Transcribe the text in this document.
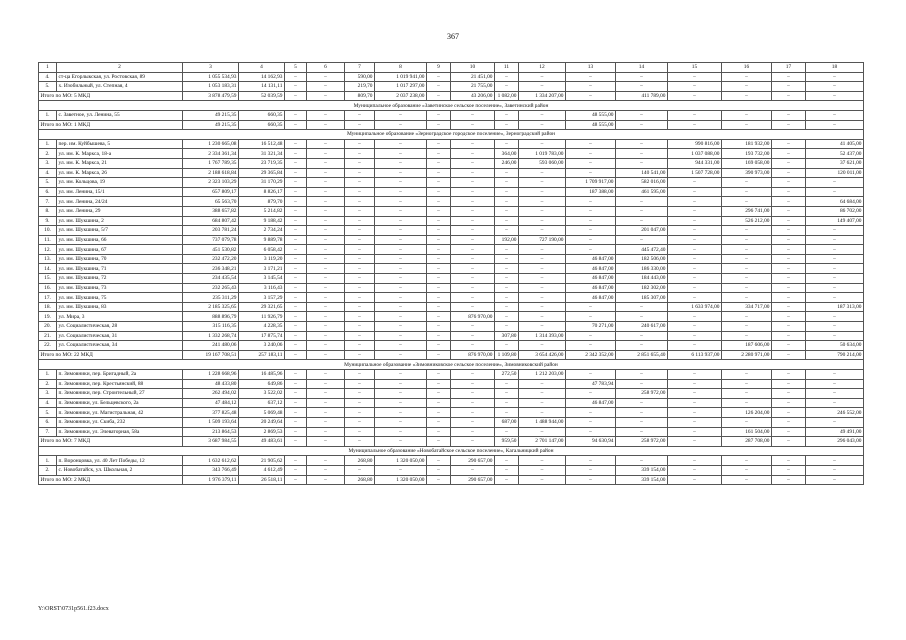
367
1	2	3	4	5	6	7	8	9	10	11	12	13	14	15	16	17	18
4.	ст-ца Егорлыкская, ул. Ростовская, 89	1 055 534,93	14 162,93	–	–	590,00	1 019 941,00	–	21 451,00	–	–	–	–	–	–	–	–
5.	х. Изобильный, ул. Степная, 4	1 053 183,31	14 131,11	–	–	219,70	1 017 297,00	–	21 755,00	–	–	–	–	–	–	–	–
Итого по МО: 5 МКД		3 878 479,59	52 039,59	–	–	809,70	2 037 238,00	–	43 206,00	1 082,00	1 334 207,00	–	411 789,00	–	–	–	–
Муниципальное образование «Заветинское сельское поселение», Заветинский район																	
1.	с. Заветное, ул. Ленина, 55	49 215,35	660,35	–	–	–	–	–	–	–	–	48 555,00	–	–	–	–	–
Итого по МО: 1 МКД		49 215,35	660,35	–	–	–	–	–	–	–	–	48 555,00	–	–	–	–	–
Муниципальное образование «Зерноградское городское поселение», Зерноградский район																	
1.	пер. им. Куйбышева, 5	1 230 665,08	16 512,48	–	–	–	–	–	–	–	–	–	–	990 816,00	181 932,00	–	41 405,00
2.	ул. им. К. Маркса, 18-а	2 334 361,34	31 321,34	–	–	–	–	–	–	364,00	1 019 783,00	–	–	1 037 088,00	193 732,00	–	52 437,00
3.	ул. им. К. Маркса, 21	1 767 789,35	23 719,35	–	–	–	–	–	–	246,00	593 060,00	–	–	944 331,00	169 058,00	–	37 621,00
4.	ул. им. К. Маркса, 26	2 188 618,84	29 365,84	–	–	–	–	–	–	–	–	–	140 541,00	1 507 728,00	390 973,00	–	120 011,00
5.	ул. им. Кольцова, 19	2 323 103,29	31 170,29	–	–	–	–	–	–	–	–	1 709 917,00	582 016,00	–	–	–	–
6.	ул. им. Ленина, 15/1	657 809,17	8 826,17	–	–	–	–	–	–	–	–	187 388,00	461 595,00	–	–	–	–
7.	ул. им. Ленина, 24/24	65 563,70	879,70	–	–	–	–	–	–	–	–	–	–	–	–	–	64 684,00
8.	ул. им. Ленина, 29	388 657,82	5 214,82	–	–	–	–	–	–	–	–	–	–	–	296 741,00	–	86 702,00
9.	ул. им. Шукшина, 2	684 807,42	9 188,42	–	–	–	–	–	–	–	–	–	–	–	526 212,00	–	149 407,00
10.	ул. им. Шукшина, 5/7	203 781,24	2 734,24	–	–	–	–	–	–	–	–	–	201 047,00	–	–	–	–
11.	ул. им. Шукшина, 66	737 079,78	9 889,78	–	–	–	–	–	–	192,00	727 190,00	–	–	–	–	–	–
12.	ул. им. Шукшина, 67	451 530,82	6 058,42	–	–	–	–	–	–	–	–	–	445 472,40	–	–	–	–
13.	ул. им. Шукшина, 70	232 472,20	3 119,20	–	–	–	–	–	–	–	–	46 847,00	182 506,00	–	–	–	–
14.	ул. им. Шукшина, 71	236 348,21	3 171,21	–	–	–	–	–	–	–	–	46 847,00	186 330,00	–	–	–	–
15.	ул. им. Шукшина, 72	234 435,54	3 145,54	–	–	–	–	–	–	–	–	46 847,00	184 443,00	–	–	–	–
16.	ул. им. Шукшина, 73	232 265,43	3 116,43	–	–	–	–	–	–	–	–	46 847,00	182 302,00	–	–	–	–
17.	ул. им. Шукшина, 75	235 311,29	3 157,29	–	–	–	–	–	–	–	–	46 847,00	185 307,00	–	–	–	–
18.	ул. им. Шукшина, 83	2 185 325,65	29 321,65	–	–	–	–	–	–	–	–	–	–	1 633 974,00	334 717,00	–	187 313,00
19.	ул. Мира, 3	888 896,79	11 926,79	–	–	–	–	–	876 970,00	–	–	–	–	–	–	–	–
20.	ул. Социалистическая, 28	315 116,35	4 228,35	–	–	–	–	–	–	–	–	70 271,00	240 617,00	–	–	–	–
21.	ул. Социалистическая, 31	1 332 268,74	17 875,74	–	–	–	–	–	–	307,80	1 314 393,00	–	–	–	–	–	–
22.	ул. Социалистическая, 34	241 480,06	3 240,06	–	–	–	–	–	–	–	–	–	–	–	187 606,00	–	50 634,00
Итого по МО: 22 МКД		19 167 708,51	257 183,11	–	–	–	–	–	876 970,00	1 109,80	3 654 426,00	2 342 352,00	2 851 655,40	6 113 937,00	2 280 971,00	–	790 214,00
Муниципальное образование «Зимовниковское сельское поселение», Зимовниковский район																	
1.	п. Зимовники, пер. Бригадный, 2а	1 228 668,96	16 485,96	–	–	–	–	–	–	272,50	1 212 203,00	–	–	–	–	–	–
2.	п. Зимовники, пер. Крестьянский, 88	48 433,80	649,86	–	–	–	–	–	–	–	–	47 783,94	–	–	–	–	–
3.	п. Зимовники, пер. Строительный, 27	262 494,02	3 522,02	–	–	–	–	–	–	–	–	–	258 972,00	–	–	–	–
4.	п. Зимовники, ул. Бельцевского, 2а	47 484,12	637,12	–	–	–	–	–	–	–	–	46 847,00	–	–	–	–	–
5.	п. Зимовники, ул. Магистральная, 42	377 825,48	5 069,48	–	–	–	–	–	–	–	–	–	–	–	126 204,00	–	246 552,00
6.	п. Зимовники, ул. Скиба, 232	1 509 193,64	20 249,64	–	–	–	–	–	–	687,00	1 488 944,00	–	–	–	–	–	–
7.	п. Зимовники, ул. Элеваторная, 58а	213 864,53	2 869,53	–	–	–	–	–	–	–	–	–	–	–	161 504,00	–	49 491,00
Итого по МО: 7 МКД		3 687 984,55	49 483,61	–	–	–	–	–	–	959,50	2 701 147,00	94 630,94	258 972,00	–	287 708,00	–	296 043,00
Муниципальное образование «Новобатайское сельское поселение», Кагальницкий район																	
1.	п. Воронцовка, ул. 40 Лет Победы, 12	1 632 612,62	21 905,62	–	–	268,80	1 320 050,00	–	290 657,00	–	–	–	–	–	–	–	–
2.	с. Новобатайск, ул. Школьная, 2	343 766,49	4 612,49	–	–	–	–	–	–	–	–	–	339 154,00	–	–	–	–
Итого по МО: 2 МКД		1 976 379,11	26 518,11	–	–	268,80	1 320 050,00	–	290 657,00	–	–	–	339 154,00	–	–	–	–
Y:\ORST\0731p561.f23.docx
